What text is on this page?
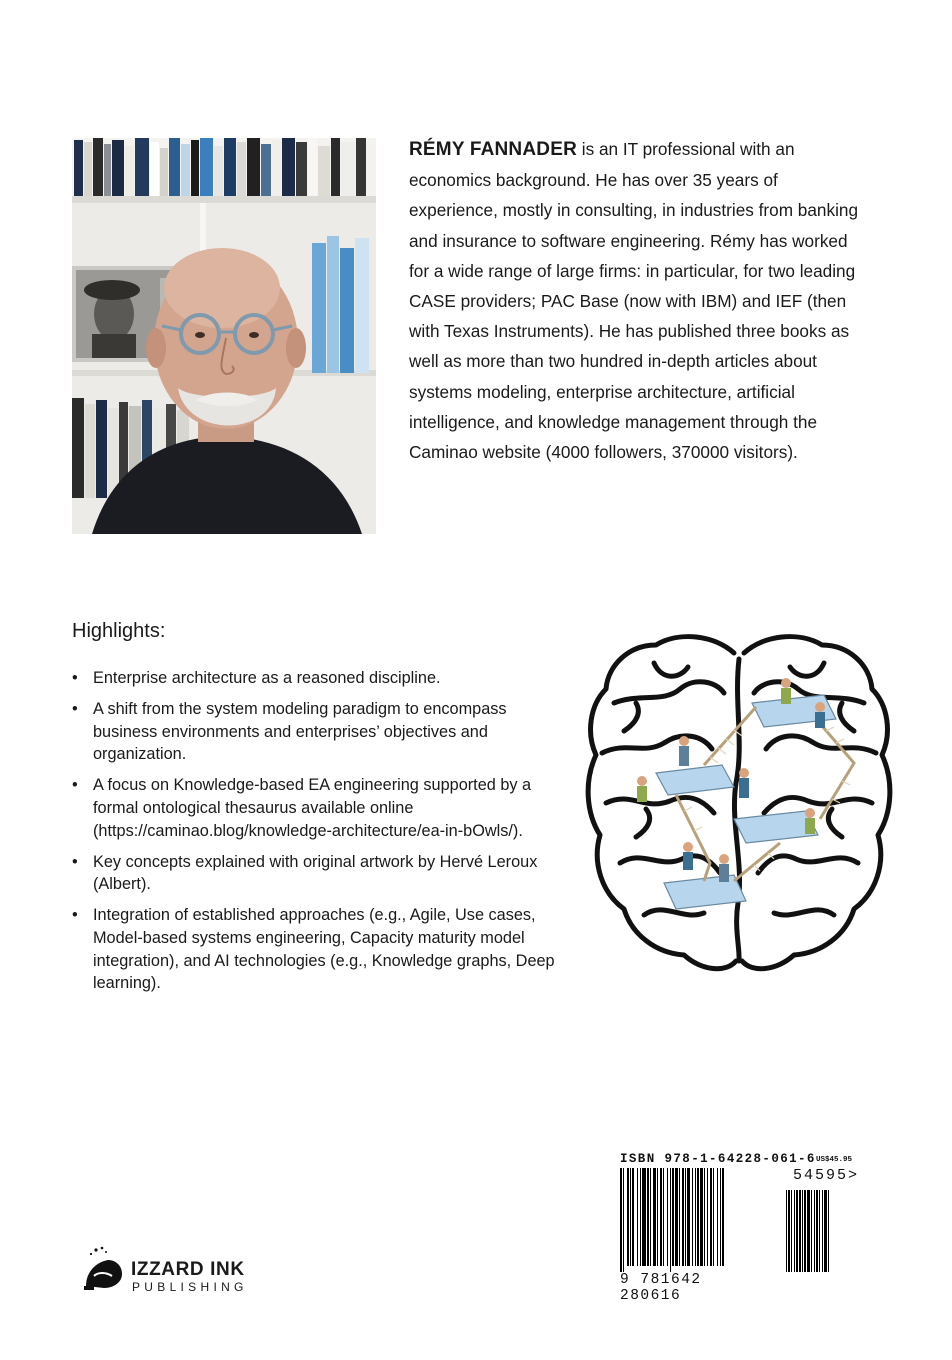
RÉMY FANNADER is an IT professional with an economics background. He has over 35 years of experience, mostly in consulting, in industries from banking and insurance to software engineering. Rémy has worked for a wide range of large firms: in particular, for two leading CASE providers; PAC Base (now with IBM) and IEF (then with Texas Instruments). He has published three books as well as more than two hundred in-depth articles about systems modeling, enterprise architecture, artificial intelligence, and knowledge management through the Caminao website (4000 followers, 370000 visitors).

Highlights:
• Enterprise architecture as a reasoned discipline.
• A shift from the system modeling paradigm to encompass business environments and enterprises’ objectives and organization.
• A focus on Knowledge-based EA engineering supported by a formal ontological thesaurus available online (https://caminao.blog/knowledge-architecture/ea-in-bOwls/).
• Key concepts explained with original artwork by Hervé Leroux (Albert).
• Integration of established approaches (e.g., Agile, Use cases, Model-based systems engineering, Capacity maturity model integration), and AI technologies (e.g., Knowledge graphs, Deep learning).
ISBN 978-1-64228-061-6 US$45.95
54595>
9 781642 280616
IZZARD INK
PUBLISHING
